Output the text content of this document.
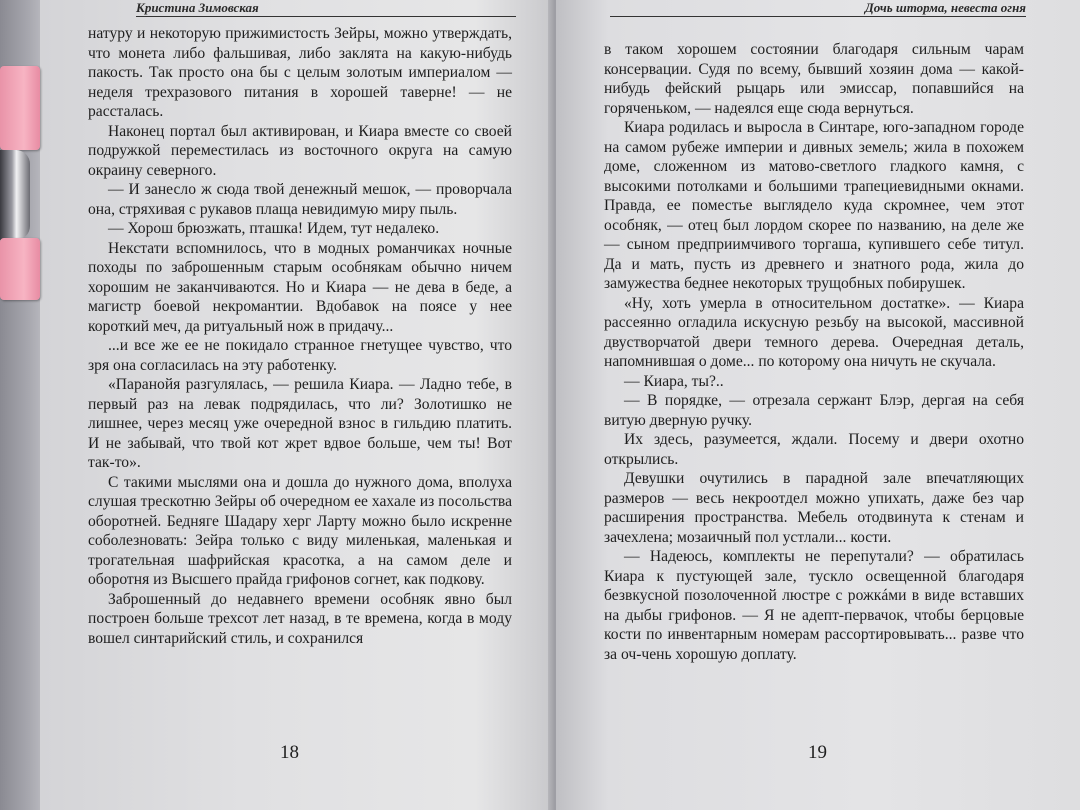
Кристина Зимовская

натуру и некоторую прижимистость Зейры, можно утверждать, что монета либо фальшивая, либо заклята на какую-нибудь пакость. Так просто она бы с целым золотым империалом — неделя трехразового питания в хорошей таверне! — не рассталась.

Наконец портал был активирован, и Киара вместе со своей подружкой переместилась из восточного округа на самую окраину северного.

— И занесло ж сюда твой денежный мешок, — проворчала она, стряхивая с рукавов плаща невидимую миру пыль.

— Хорош брюзжать, пташка! Идем, тут недалеко.

Некстати вспомнилось, что в модных романчиках ночные походы по заброшенным старым особнякам обычно ничем хорошим не заканчиваются. Но и Киара — не дева в беде, а магистр боевой некромантии. Вдобавок на поясе у нее короткий меч, да ритуальный нож в придачу...

...и все же ее не покидало странное гнетущее чувство, что зря она согласилась на эту работенку.

«Паранойя разгулялась, — решила Киара. — Ладно тебе, в первый раз на левак подрядилась, что ли? Золотишко не лишнее, через месяц уже очередной взнос в гильдию платить. И не забывай, что твой кот жрет вдвое больше, чем ты! Вот так-то».

С такими мыслями она и дошла до нужного дома, вполуха слушая трескотню Зейры об очередном ее хахале из посольства оборотней. Бедняге Шадару херг Ларту можно было искренне соболезновать: Зейра только с виду миленькая, маленькая и трогательная шафрийская красотка, а на самом деле и оборотня из Высшего прайда грифонов согнет, как подкову.

Заброшенный до недавнего времени особняк явно был построен больше трехсот лет назад, в те времена, когда в моду вошел синтарийский стиль, и сохранился

18
Дочь шторма, невеста огня

в таком хорошем состоянии благодаря сильным чарам консервации. Судя по всему, бывший хозяин дома — какой-нибудь фейский рыцарь или эмиссар, попавшийся на горяченьком, — надеялся еще сюда вернуться.

Киара родилась и выросла в Синтаре, юго-западном городе на самом рубеже империи и дивных земель; жила в похожем доме, сложенном из матово-светлого гладкого камня, с высокими потолками и большими трапециевидными окнами. Правда, ее поместье выглядело куда скромнее, чем этот особняк, — отец был лордом скорее по названию, на деле же — сыном предприимчивого торгаша, купившего себе титул. Да и мать, пусть из древнего и знатного рода, жила до замужества беднее некоторых трущобных побирушек.

«Ну, хоть умерла в относительном достатке». — Киара рассеянно огладила искусную резьбу на высокой, массивной двустворчатой двери темного дерева. Очередная деталь, напомнившая о доме... по которому она ничуть не скучала.

— Киара, ты?..

— В порядке, — отрезала сержант Блэр, дергая на себя витую дверную ручку.

Их здесь, разумеется, ждали. Посему и двери охотно открылись.

Девушки очутились в парадной зале впечатляющих размеров — весь некроотдел можно упихать, даже без чар расширения пространства. Мебель отодвинута к стенам и зачехлена; мозаичный пол устлали... кости.

— Надеюсь, комплекты не перепутали? — обратилась Киара к пустующей зале, тускло освещенной благодаря безвкусной позолоченной люстре с рожкáми в виде вставших на дыбы грифонов. — Я не адепт-первачок, чтобы берцовые кости по инвентарным номерам рассортировывать... разве что за оч-чень хорошую доплату.

19
